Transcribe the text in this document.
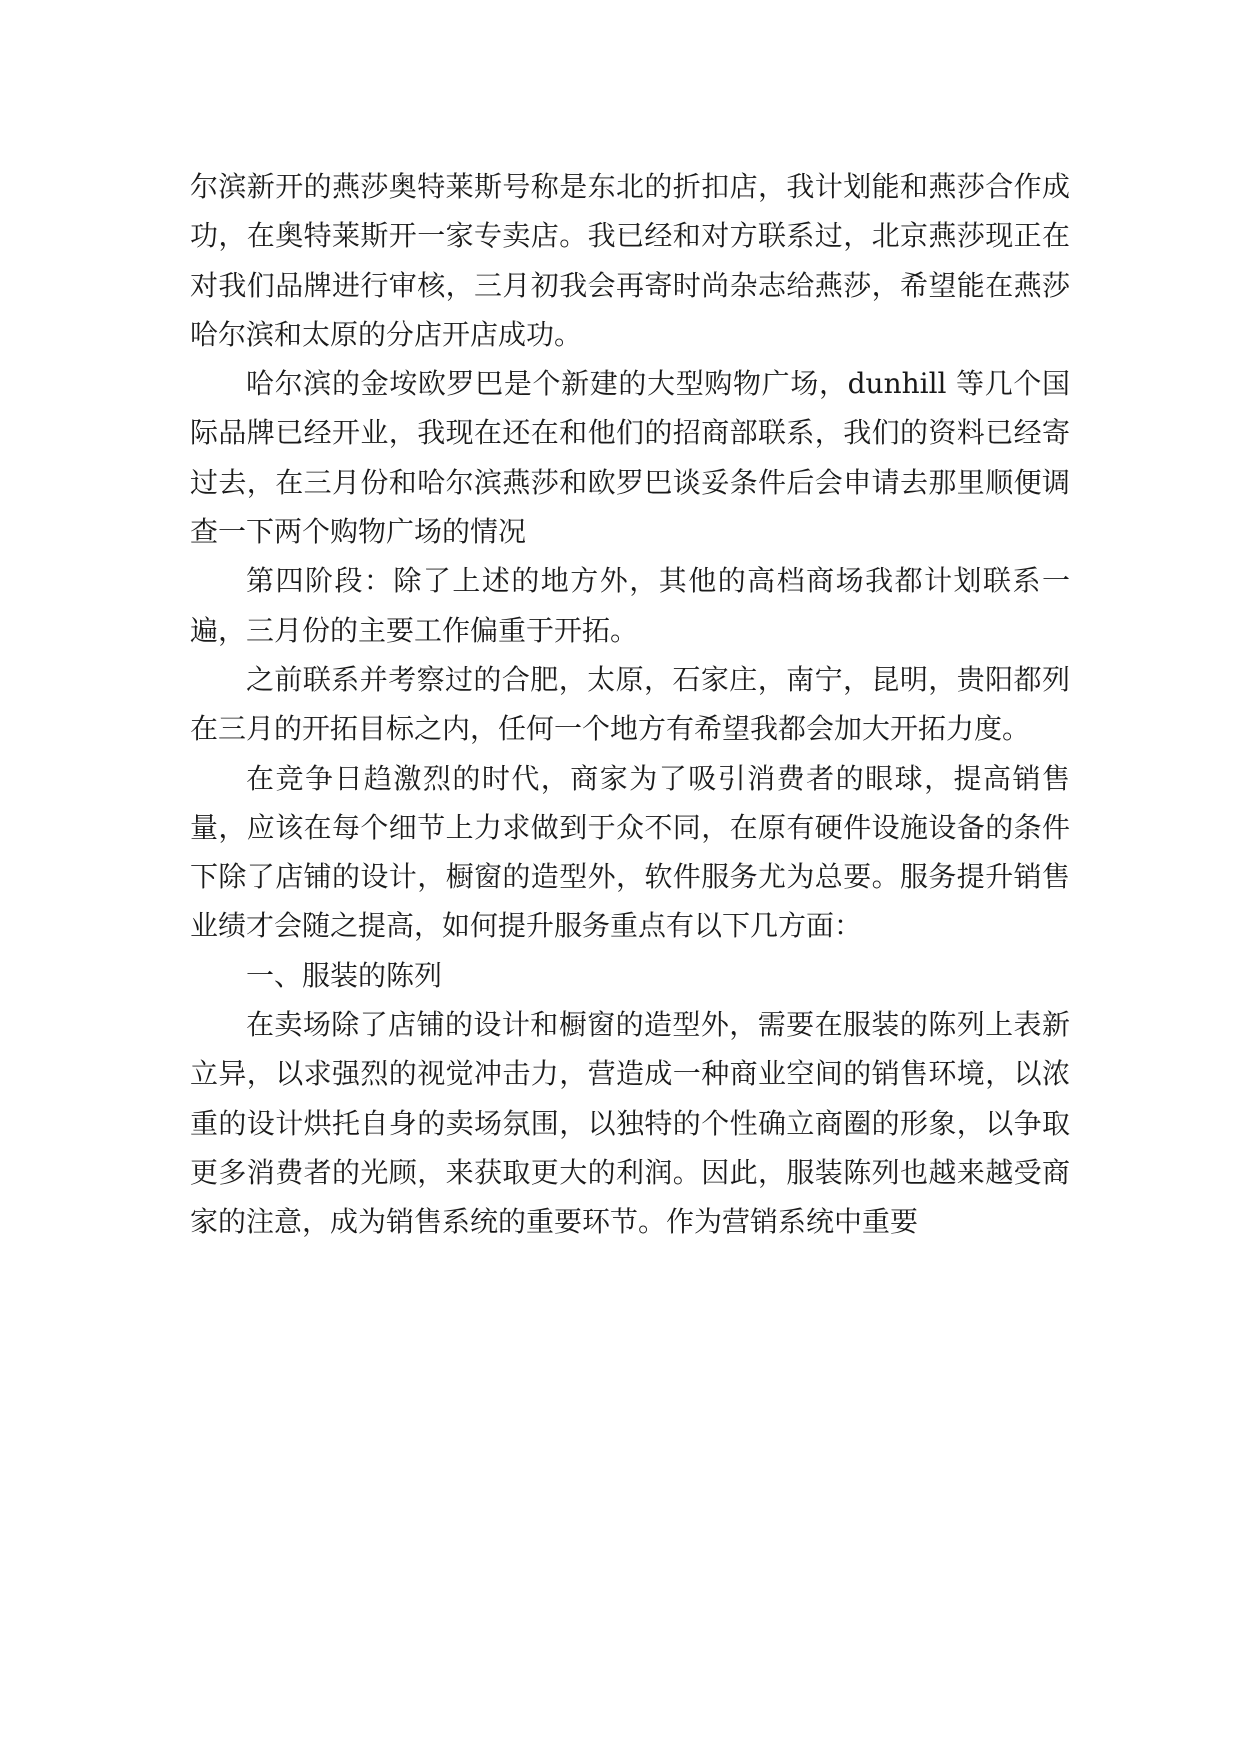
尔滨新开的燕莎奥特莱斯号称是东北的折扣店，我计划能和燕莎合作成功，在奥特莱斯开一家专卖店。我已经和对方联系过，北京燕莎现正在对我们品牌进行审核，三月初我会再寄时尚杂志给燕莎，希望能在燕莎哈尔滨和太原的分店开店成功。

哈尔滨的金垵欧罗巴是个新建的大型购物广场，dunhill 等几个国际品牌已经开业，我现在还在和他们的招商部联系，我们的资料已经寄过去，在三月份和哈尔滨燕莎和欧罗巴谈妥条件后会申请去那里顺便调查一下两个购物广场的情况

第四阶段：除了上述的地方外，其他的高档商场我都计划联系一遍，三月份的主要工作偏重于开拓。

之前联系并考察过的合肥，太原，石家庄，南宁，昆明，贵阳都列在三月的开拓目标之内，任何一个地方有希望我都会加大开拓力度。

在竞争日趋激烈的时代，商家为了吸引消费者的眼球，提高销售量，应该在每个细节上力求做到于众不同，在原有硬件设施设备的条件下除了店铺的设计，橱窗的造型外，软件服务尤为总要。服务提升销售业绩才会随之提高，如何提升服务重点有以下几方面：

一、服装的陈列

在卖场除了店铺的设计和橱窗的造型外，需要在服装的陈列上表新立异，以求强烈的视觉冲击力，营造成一种商业空间的销售环境，以浓重的设计烘托自身的卖场氛围，以独特的个性确立商圈的形象，以争取更多消费者的光顾，来获取更大的利润。因此，服装陈列也越来越受商家的注意，成为销售系统的重要环节。作为营销系统中重要
